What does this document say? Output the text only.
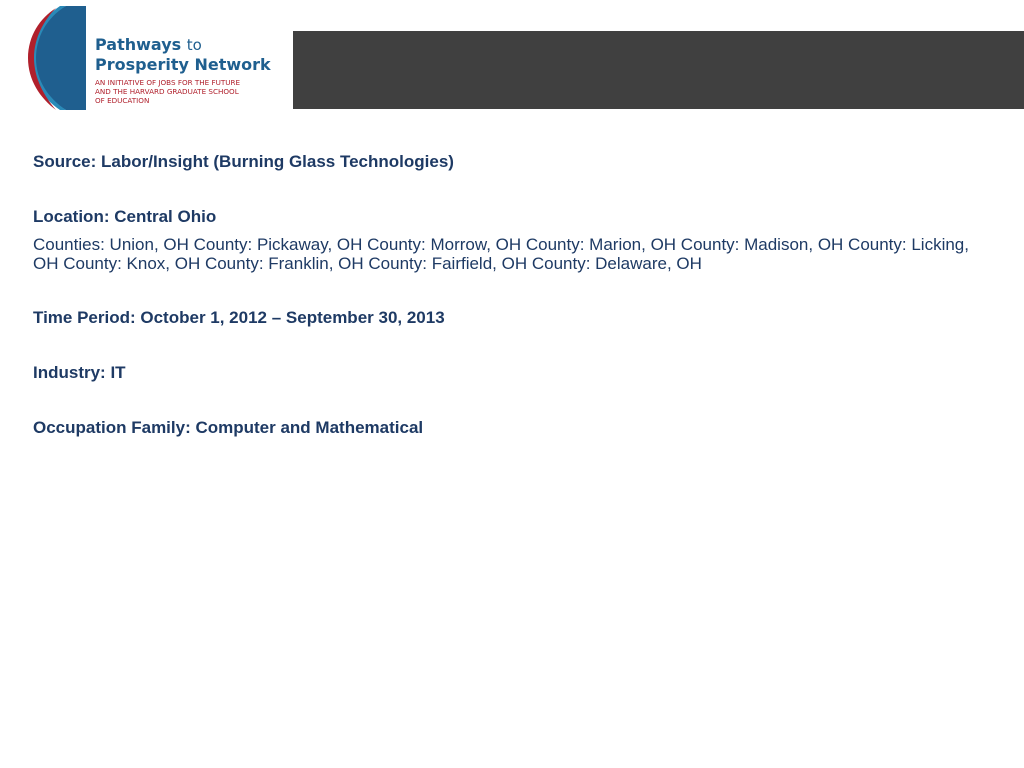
Pathways to
Prosperity Network
AN INITIATIVE OF JOBS FOR THE FUTURE
AND THE HARVARD GRADUATE SCHOOL
OF EDUCATION

Source: Labor/Insight (Burning Glass Technologies)

Location: Central Ohio

Counties: Union, OH County: Pickaway, OH County: Morrow, OH County: Marion, OH County: Madison, OH County: Licking, OH County: Knox, OH County: Franklin, OH County: Fairfield, OH County: Delaware, OH

Time Period: October 1, 2012 – September 30, 2013

Industry: IT

Occupation Family: Computer and Mathematical
